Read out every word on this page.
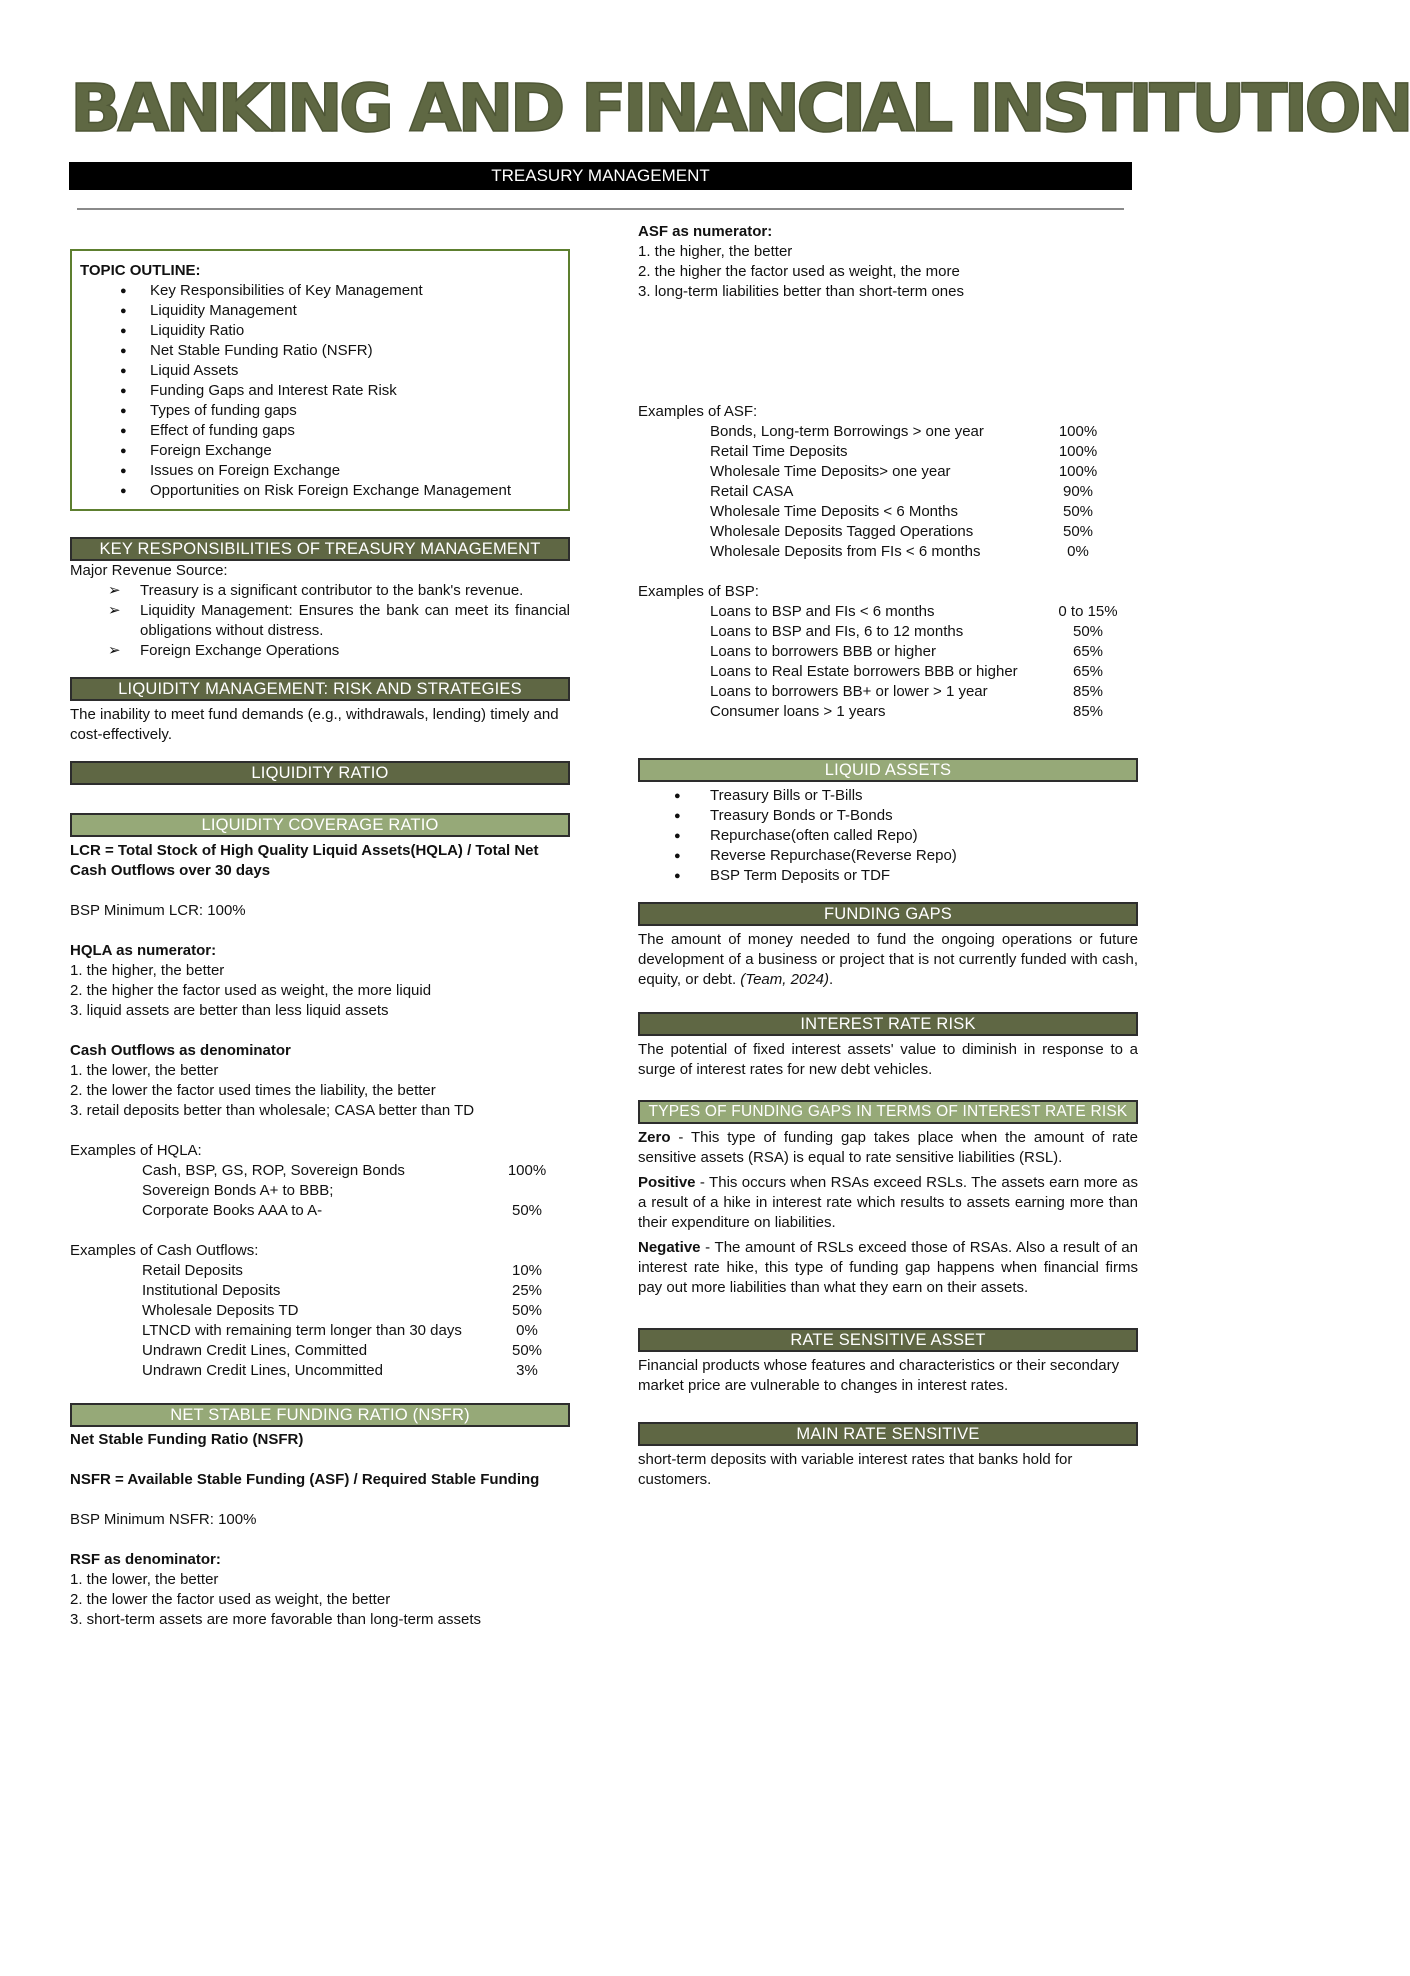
BANKING AND FINANCIAL INSTITUTION
TREASURY MANAGEMENT
TOPIC OUTLINE:
● Key Responsibilities of Key Management
● Liquidity Management
● Liquidity Ratio
● Net Stable Funding Ratio (NSFR)
● Liquid Assets
● Funding Gaps and Interest Rate Risk
● Types of funding gaps
● Effect of funding gaps
● Foreign Exchange
● Issues on Foreign Exchange
● Opportunities on Risk Foreign Exchange Management
KEY RESPONSIBILITIES OF TREASURY MANAGEMENT
Major Revenue Source:
➢ Treasury is a significant contributor to the bank's revenue.
➢ Liquidity Management: Ensures the bank can meet its financial obligations without distress.
➢ Foreign Exchange Operations
LIQUIDITY MANAGEMENT: RISK AND STRATEGIES

The inability to meet fund demands (e.g., withdrawals, lending) timely and cost-effectively.

LIQUIDITY RATIO
LIQUIDITY COVERAGE RATIO

LCR = Total Stock of High Quality Liquid Assets(HQLA) / Total Net Cash Outflows over 30 days

BSP Minimum LCR: 100%
HQLA as numerator:
1. the higher, the better
2. the higher the factor used as weight, the more liquid
3. liquid assets are better than less liquid assets
Cash Outflows as denominator
1. the lower, the better
2. the lower the factor used times the liability, the better
3. retail deposits better than wholesale; CASA better than TD
Examples of HQLA:
Cash, BSP, GS, ROP, Sovereign Bonds	100%
Sovereign Bonds A+ to BBB;
Corporate Books AAA to A-	50%
Examples of Cash Outflows:
Retail Deposits	10%
Institutional Deposits	25%
Wholesale Deposits TD	50%
LTNCD with remaining term longer than 30 days	0%
Undrawn Credit Lines, Committed	50%
Undrawn Credit Lines, Uncommitted	3%
NET STABLE FUNDING RATIO (NSFR)
Net Stable Funding Ratio (NSFR)
NSFR = Available Stable Funding (ASF) / Required Stable Funding
BSP Minimum NSFR: 100%
RSF as denominator:
1. the lower, the better
2. the lower the factor used as weight, the better
3. short-term assets are more favorable than long-term assets
ASF as numerator:
1. the higher, the better
2. the higher the factor used as weight, the more
3. long-term liabilities better than short-term ones
Examples of ASF:
Bonds, Long-term Borrowings > one year	100%
Retail Time Deposits	100%
Wholesale Time Deposits> one year	100%
Retail CASA	90%
Wholesale Time Deposits < 6 Months	50%
Wholesale Deposits Tagged Operations	50%
Wholesale Deposits from FIs < 6 months	0%
Examples of BSP:
Loans to BSP and FIs < 6 months	0 to 15%
Loans to BSP and FIs, 6 to 12 months	50%
Loans to borrowers BBB or higher	65%
Loans to Real Estate borrowers BBB or higher	65%
Loans to borrowers BB+ or lower > 1 year	85%
Consumer loans > 1 years	85%
LIQUID ASSETS
● Treasury Bills or T-Bills
● Treasury Bonds or T-Bonds
● Repurchase(often called Repo)
● Reverse Repurchase(Reverse Repo)
● BSP Term Deposits or TDF
FUNDING GAPS

The amount of money needed to fund the ongoing operations or future development of a business or project that is not currently funded with cash, equity, or debt. (Team, 2024).

INTEREST RATE RISK

The potential of fixed interest assets' value to diminish in response to a surge of interest rates for new debt vehicles.

TYPES OF FUNDING GAPS IN TERMS OF INTEREST RATE RISK

Zero - This type of funding gap takes place when the amount of rate sensitive assets (RSA) is equal to rate sensitive liabilities (RSL).

Positive - This occurs when RSAs exceed RSLs. The assets earn more as a result of a hike in interest rate which results to assets earning more than their expenditure on liabilities.

Negative - The amount of RSLs exceed those of RSAs. Also a result of an interest rate hike, this type of funding gap happens when financial firms pay out more liabilities than what they earn on their assets.

RATE SENSITIVE ASSET

Financial products whose features and characteristics or their secondary market price are vulnerable to changes in interest rates.

MAIN RATE SENSITIVE

short-term deposits with variable interest rates that banks hold for customers.
